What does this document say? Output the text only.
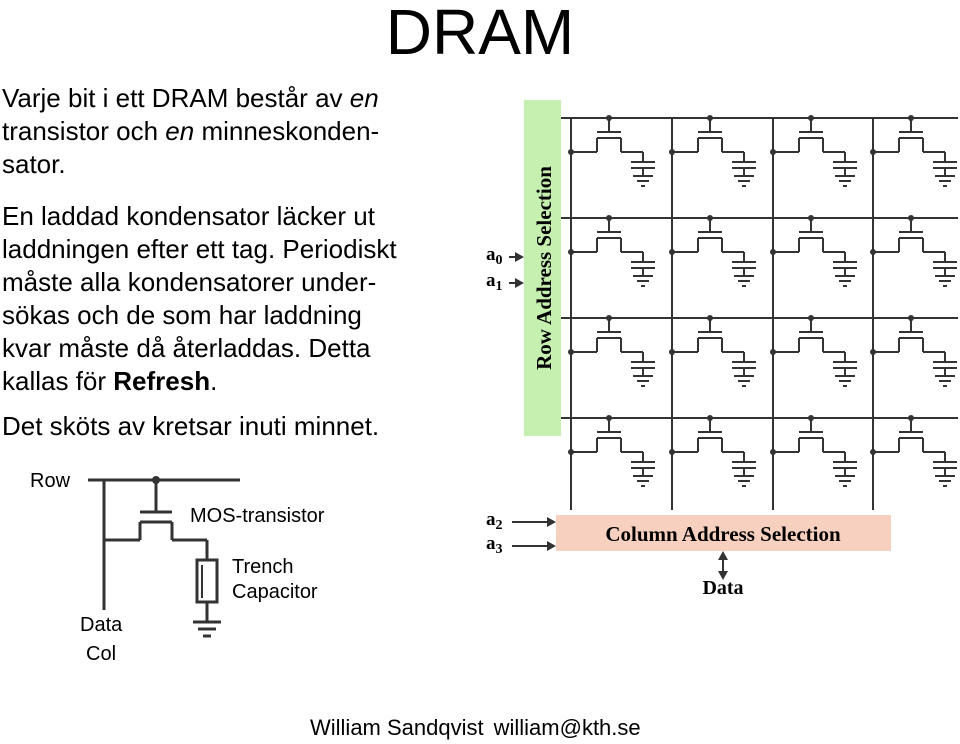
DRAM

Varje bit i ett DRAM består av en
transistor och en minneskonden-
sator.

En laddad kondensator läcker ut
laddningen efter ett tag. Periodiskt
måste alla kondensatorer under-
sökas och de som har laddning
kvar måste då återladdas. Detta
kallas för Refresh.

Det sköts av kretsar inuti minnet.

Row
MOS-transistor
Trench
Capacitor
Data
Col
Row Address Selection
Column Address Selection
$a_0$
$a_1$
$a_2$
$a_3$
Data
William Sandqvist william@kth.se
